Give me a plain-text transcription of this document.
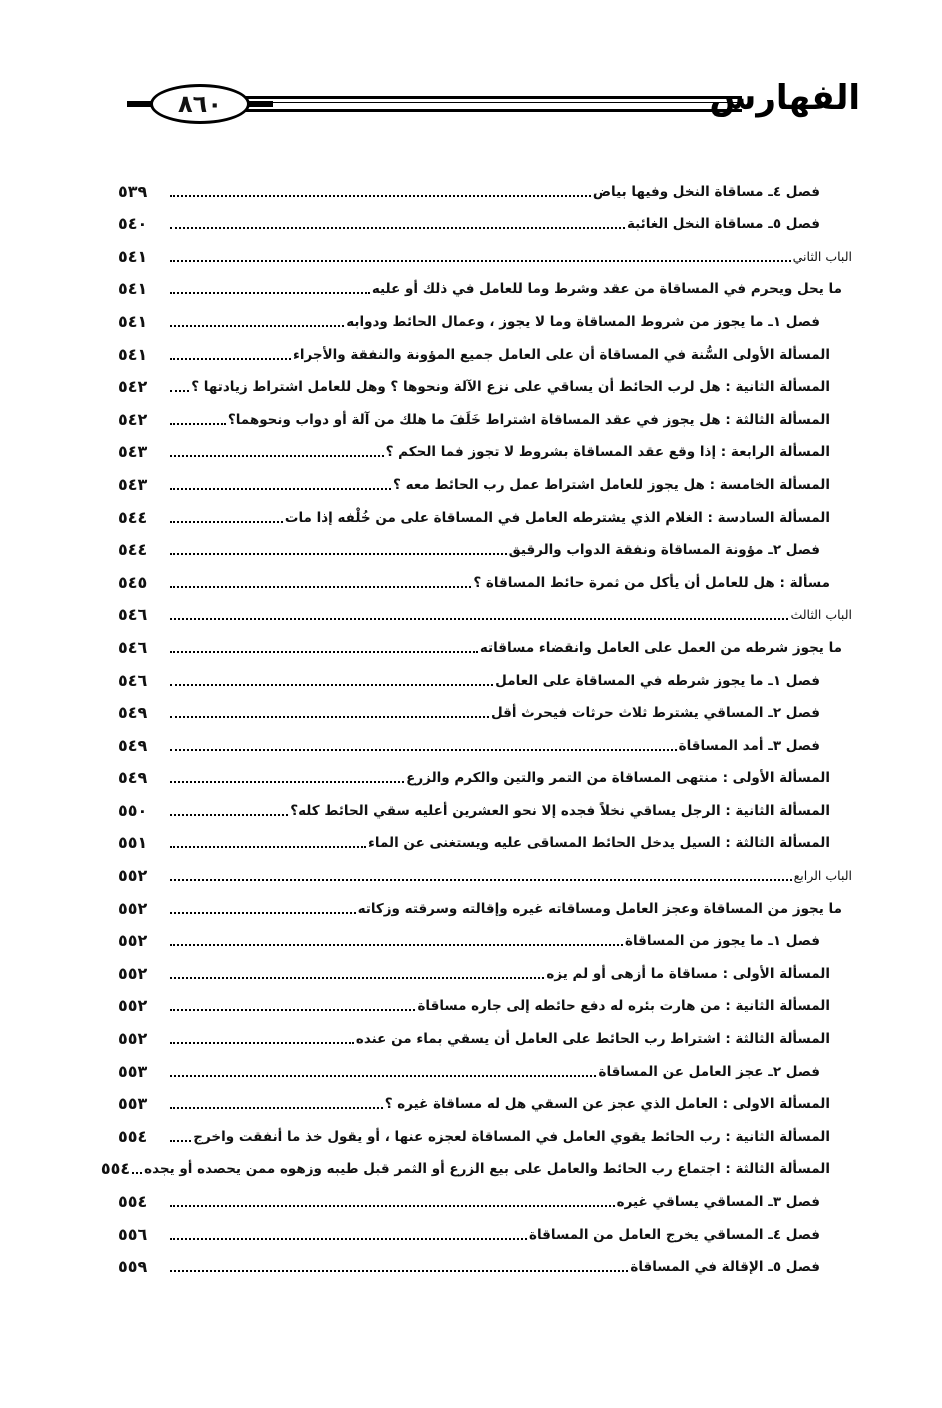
٨٦٠	الفهارس
فصل ٤ـ مساقاة النخل وفيها بياض
٥٣٩
فصل ٥ـ مساقاة النخل الغائبة
٥٤٠
الباب الثاني
٥٤١
ما يحل ويحرم في المساقاة من عقد وشرط وما للعامل في ذلك أو عليه
٥٤١
فصل ١ـ ما يجوز من شروط المساقاة وما لا يجوز ، وعمال الحائط ودوابه
٥٤١
المسألة الأولى السُّنة في المساقاة أن على العامل جميع المؤونة والنفقة والأجراء
٥٤١
المسألة الثانية : هل لرب الحائط أن يساقي على نزع الآلة ونحوها ؟ وهل للعامل اشتراط زيادتها ؟
٥٤٢
المسألة الثالثة : هل يجوز في عقد المساقاة اشتراط خَلَفَ ما هلك من آلة أو دواب ونحوهما؟
٥٤٢
المسألة الرابعة : إذا وقع عقد المساقاة بشروط لا تجوز فما الحكم ؟
٥٤٣
المسألة الخامسة : هل يجوز للعامل اشتراط عمل رب الحائط معه ؟
٥٤٣
المسألة السادسة : الغلام الذي يشترطه العامل في المساقاة على من خُلْفه إذا مات
٥٤٤
فصل ٢ـ مؤونة المساقاة ونفقة الدواب والرقيق
٥٤٤
مسألة : هل للعامل أن يأكل من ثمرة حائط المساقاة ؟
٥٤٥
الباب الثالث
٥٤٦
ما يجوز شرطه من العمل على العامل وانقضاء مساقاته
٥٤٦
فصل ١ـ ما يجوز شرطه في المساقاة على العامل
٥٤٦
فصل ٢ـ المساقي يشترط ثلاث حرثات فيحرث أقل
٥٤٩
فصل ٣ـ أمد المساقاة
٥٤٩
المسألة الأولى : منتهى المساقاة من التمر والتين والكرم والزرع
٥٤٩
المسألة الثانية : الرجل يساقي نخلاً فجده إلا نحو العشرين أعليه سقي الحائط كله؟
٥٥٠
المسألة الثالثة : السيل يدخل الحائط المساقى عليه ويستغنى عن الماء
٥٥١
الباب الرابع
٥٥٢
ما يجوز من المساقاة وعجز العامل ومساقاته غيره وإقالته وسرقته وزكاته
٥٥٢
فصل ١ـ ما يجوز من المساقاة
٥٥٢
المسألة الأولى : مساقاة ما أزهى أو لم يزه
٥٥٢
المسألة الثانية : من هارت بئره له دفع حائطه إلى جاره مساقاة
٥٥٢
المسألة الثالثة : اشتراط رب الحائط على العامل أن يسقي بماء من عنده
٥٥٢
فصل ٢ـ عجز العامل عن المساقاة
٥٥٣
المسألة الاولى : العامل الذي عجز عن السقي هل له مساقاة غيره ؟
٥٥٣
المسألة الثانية : رب الحائط يقوي العامل في المساقاة لعجزه عنها ، أو يقول خذ ما أنفقت واخرج
٥٥٤
المسألة الثالثة : اجتماع رب الحائط والعامل على بيع الزرع أو الثمر قبل طيبه وزهوه ممن يحصده أو يجده
٥٥٤
فصل ٣ـ المساقي يساقي غيره
٥٥٤
فصل ٤ـ المساقي يخرج العامل من المساقاة
٥٥٦
فصل ٥ـ الإقالة في المساقاة
٥٥٩
